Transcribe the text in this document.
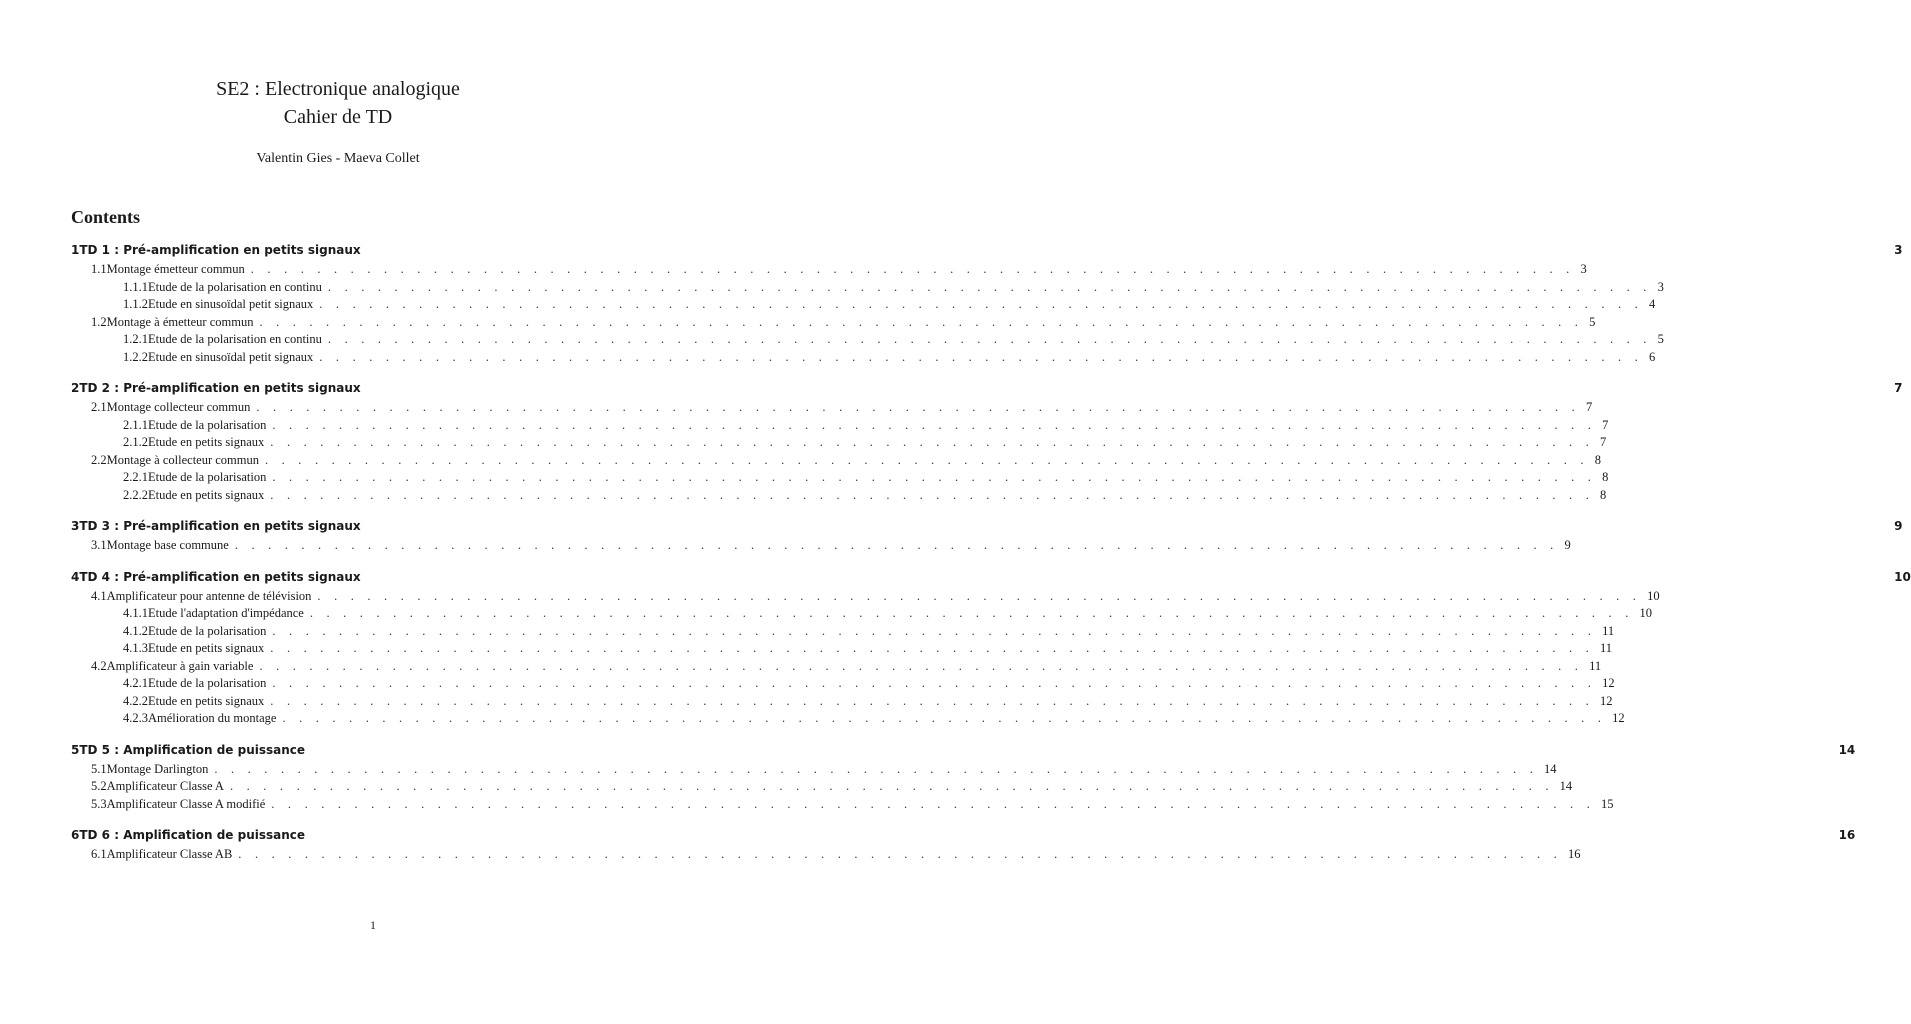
SE2 : Electronique analogique
Cahier de TD
Valentin Gies - Maeva Collet
Contents
1 TD 1 : Pré-amplification en petits signaux	3
1.1 Montage émetteur commun . . . . . . . . . . . . . . . . . . . . . . . . . . . . . . . . . . . . . . . . . . . . . . . . . . . . . . . . . . . . . . . . . . . . . . . . . . . . . . . . 3
1.1.1 Etude de la polarisation en continu . . . . . . . . . . . . . . . . . . . . . . . . . . . . . . . . . . . . . . . . . . . . . . . . . . . . . . . . . . . . . . . . . . . . . . . . . . . . . . . . 3
1.1.2 Etude en sinusoïdal petit signaux . . . . . . . . . . . . . . . . . . . . . . . . . . . . . . . . . . . . . . . . . . . . . . . . . . . . . . . . . . . . . . . . . . . . . . . . . . . . . . . . 4
1.2 Montage à émetteur commun . . . . . . . . . . . . . . . . . . . . . . . . . . . . . . . . . . . . . . . . . . . . . . . . . . . . . . . . . . . . . . . . . . . . . . . . . . . . . . . . 5
1.2.1 Etude de la polarisation en continu . . . . . . . . . . . . . . . . . . . . . . . . . . . . . . . . . . . . . . . . . . . . . . . . . . . . . . . . . . . . . . . . . . . . . . . . . . . . . . . . 5
1.2.2 Etude en sinusoïdal petit signaux . . . . . . . . . . . . . . . . . . . . . . . . . . . . . . . . . . . . . . . . . . . . . . . . . . . . . . . . . . . . . . . . . . . . . . . . . . . . . . . . 6
2 TD 2 : Pré-amplification en petits signaux	7
2.1 Montage collecteur commun . . . . . . . . . . . . . . . . . . . . . . . . . . . . . . . . . . . . . . . . . . . . . . . . . . . . . . . . . . . . . . . . . . . . . . . . . . . . . . . . 7
2.1.1 Etude de la polarisation . . . . . . . . . . . . . . . . . . . . . . . . . . . . . . . . . . . . . . . . . . . . . . . . . . . . . . . . . . . . . . . . . . . . . . . . . . . . . . . . 7
2.1.2 Etude en petits signaux . . . . . . . . . . . . . . . . . . . . . . . . . . . . . . . . . . . . . . . . . . . . . . . . . . . . . . . . . . . . . . . . . . . . . . . . . . . . . . . . 7
2.2 Montage à collecteur commun . . . . . . . . . . . . . . . . . . . . . . . . . . . . . . . . . . . . . . . . . . . . . . . . . . . . . . . . . . . . . . . . . . . . . . . . . . . . . . . . 8
2.2.1 Etude de la polarisation . . . . . . . . . . . . . . . . . . . . . . . . . . . . . . . . . . . . . . . . . . . . . . . . . . . . . . . . . . . . . . . . . . . . . . . . . . . . . . . . 8
2.2.2 Etude en petits signaux . . . . . . . . . . . . . . . . . . . . . . . . . . . . . . . . . . . . . . . . . . . . . . . . . . . . . . . . . . . . . . . . . . . . . . . . . . . . . . . . 8
3 TD 3 : Pré-amplification en petits signaux	9
3.1 Montage base commune . . . . . . . . . . . . . . . . . . . . . . . . . . . . . . . . . . . . . . . . . . . . . . . . . . . . . . . . . . . . . . . . . . . . . . . . . . . . . . . . 9
4 TD 4 : Pré-amplification en petits signaux	10
4.1 Amplificateur pour antenne de télévision . . . . . . . . . . . . . . . . . . . . . . . . . . . . . . . . . . . . . . . . . . . . . . . . . . . . . . . . . . . . . . . . . . . . . . . . . . . . . . . . 10
4.1.1 Etude l'adaptation d'impédance . . . . . . . . . . . . . . . . . . . . . . . . . . . . . . . . . . . . . . . . . . . . . . . . . . . . . . . . . . . . . . . . . . . . . . . . . . . . . . . . 10
4.1.2 Etude de la polarisation . . . . . . . . . . . . . . . . . . . . . . . . . . . . . . . . . . . . . . . . . . . . . . . . . . . . . . . . . . . . . . . . . . . . . . . . . . . . . . . . 11
4.1.3 Etude en petits signaux . . . . . . . . . . . . . . . . . . . . . . . . . . . . . . . . . . . . . . . . . . . . . . . . . . . . . . . . . . . . . . . . . . . . . . . . . . . . . . . . 11
4.2 Amplificateur à gain variable . . . . . . . . . . . . . . . . . . . . . . . . . . . . . . . . . . . . . . . . . . . . . . . . . . . . . . . . . . . . . . . . . . . . . . . . . . . . . . . . 11
4.2.1 Etude de la polarisation . . . . . . . . . . . . . . . . . . . . . . . . . . . . . . . . . . . . . . . . . . . . . . . . . . . . . . . . . . . . . . . . . . . . . . . . . . . . . . . . 12
4.2.2 Etude en petits signaux . . . . . . . . . . . . . . . . . . . . . . . . . . . . . . . . . . . . . . . . . . . . . . . . . . . . . . . . . . . . . . . . . . . . . . . . . . . . . . . . 12
4.2.3 Amélioration du montage . . . . . . . . . . . . . . . . . . . . . . . . . . . . . . . . . . . . . . . . . . . . . . . . . . . . . . . . . . . . . . . . . . . . . . . . . . . . . . . . 12
5 TD 5 : Amplification de puissance	14
5.1 Montage Darlington . . . . . . . . . . . . . . . . . . . . . . . . . . . . . . . . . . . . . . . . . . . . . . . . . . . . . . . . . . . . . . . . . . . . . . . . . . . . . . . . 14
5.2 Amplificateur Classe A . . . . . . . . . . . . . . . . . . . . . . . . . . . . . . . . . . . . . . . . . . . . . . . . . . . . . . . . . . . . . . . . . . . . . . . . . . . . . . . . 14
5.3 Amplificateur Classe A modifié . . . . . . . . . . . . . . . . . . . . . . . . . . . . . . . . . . . . . . . . . . . . . . . . . . . . . . . . . . . . . . . . . . . . . . . . . . . . . . . . 15
6 TD 6 : Amplification de puissance	16
6.1 Amplificateur Classe AB . . . . . . . . . . . . . . . . . . . . . . . . . . . . . . . . . . . . . . . . . . . . . . . . . . . . . . . . . . . . . . . . . . . . . . . . . . . . . . . . 16
1
